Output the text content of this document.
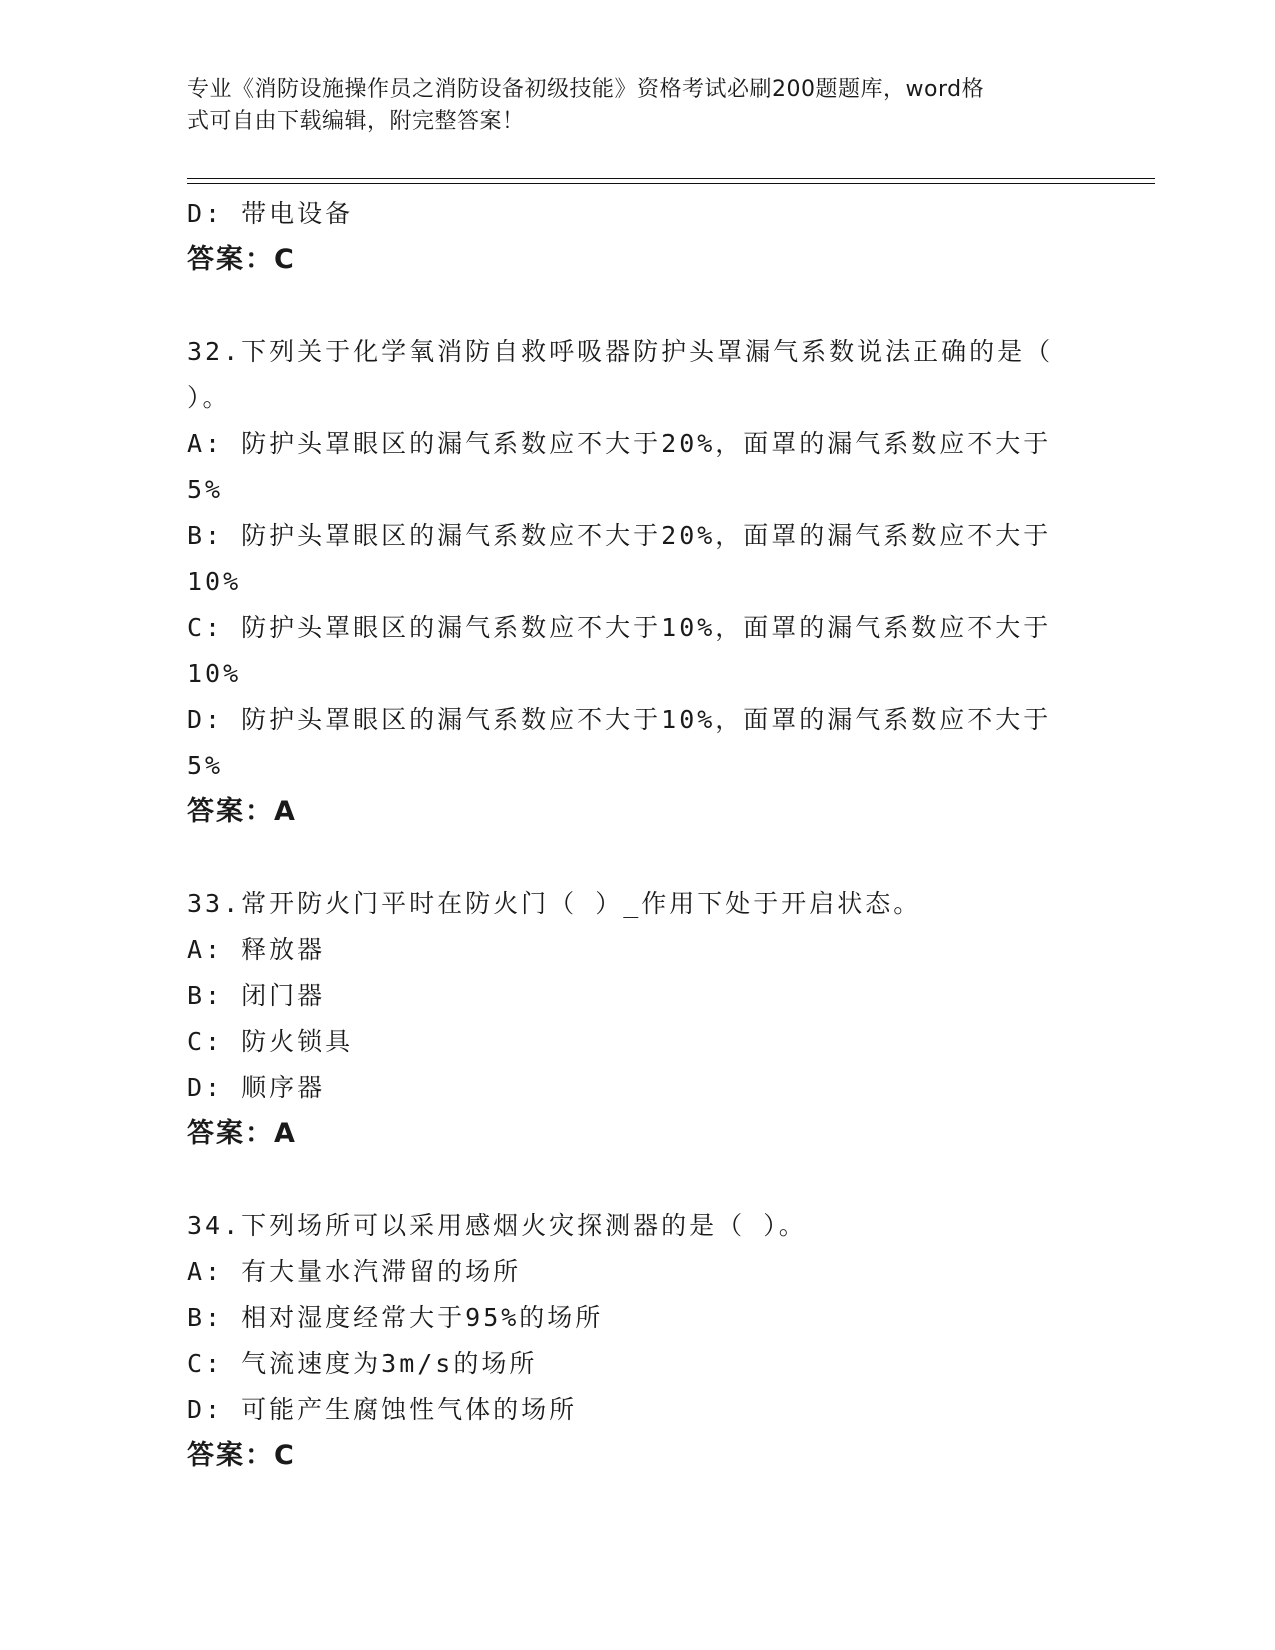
专业《消防设施操作员之消防设备初级技能》资格考试必刷200题题库，word格
式可自由下载编辑，附完整答案！
D: 带电设备
答案：C
32.下列关于化学氧消防自救呼吸器防护头罩漏气系数说法正确的是（
）。
A: 防护头罩眼区的漏气系数应不大于20%，面罩的漏气系数应不大于
5%
B: 防护头罩眼区的漏气系数应不大于20%，面罩的漏气系数应不大于
10%
C: 防护头罩眼区的漏气系数应不大于10%，面罩的漏气系数应不大于
10%
D: 防护头罩眼区的漏气系数应不大于10%，面罩的漏气系数应不大于
5%
答案：A
33.常开防火门平时在防火门（ ）_作用下处于开启状态。
A: 释放器
B: 闭门器
C: 防火锁具
D: 顺序器
答案：A
34.下列场所可以采用感烟火灾探测器的是（ ）。
A: 有大量水汽滞留的场所
B: 相对湿度经常大于95%的场所
C: 气流速度为3m/s的场所
D: 可能产生腐蚀性气体的场所
答案：C
